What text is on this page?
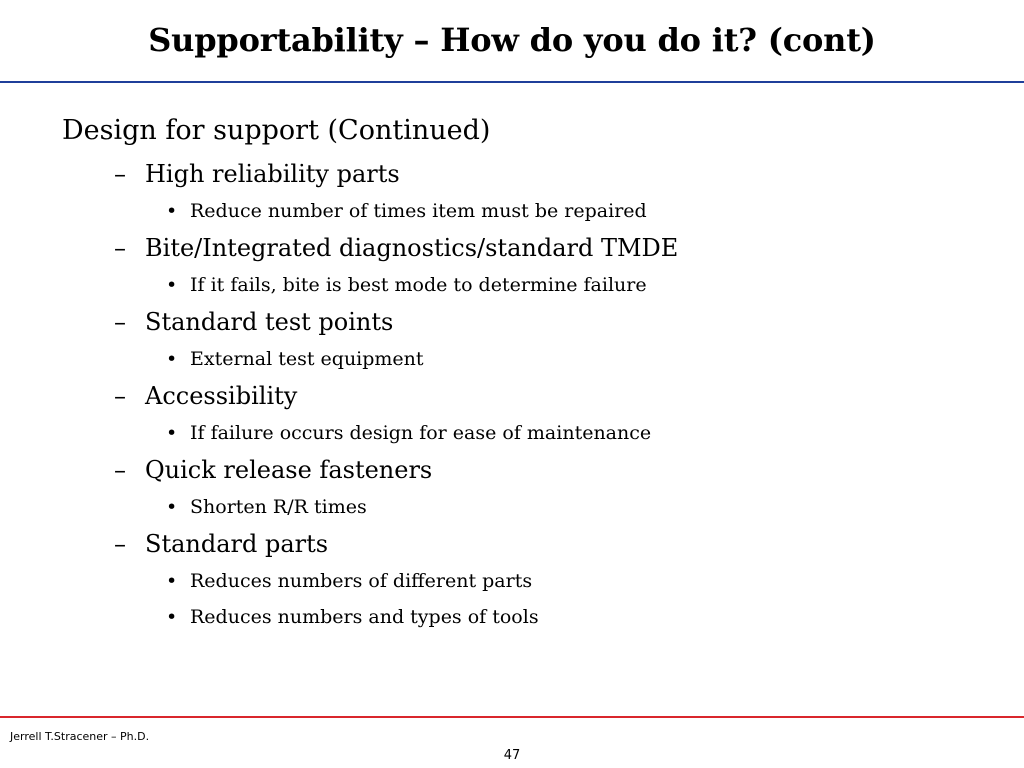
Supportability – How do you do it? (cont)
Design for support (Continued)
– High reliability parts
• Reduce number of times item must be repaired
– Bite/Integrated diagnostics/standard TMDE
• If it fails, bite is best mode to determine failure
– Standard test points
• External test equipment
– Accessibility
• If failure occurs design for ease of maintenance
– Quick release fasteners
• Shorten R/R times
– Standard parts
• Reduces numbers of different parts
• Reduces numbers and types of tools
Jerrell T.Stracener – Ph.D.
47
